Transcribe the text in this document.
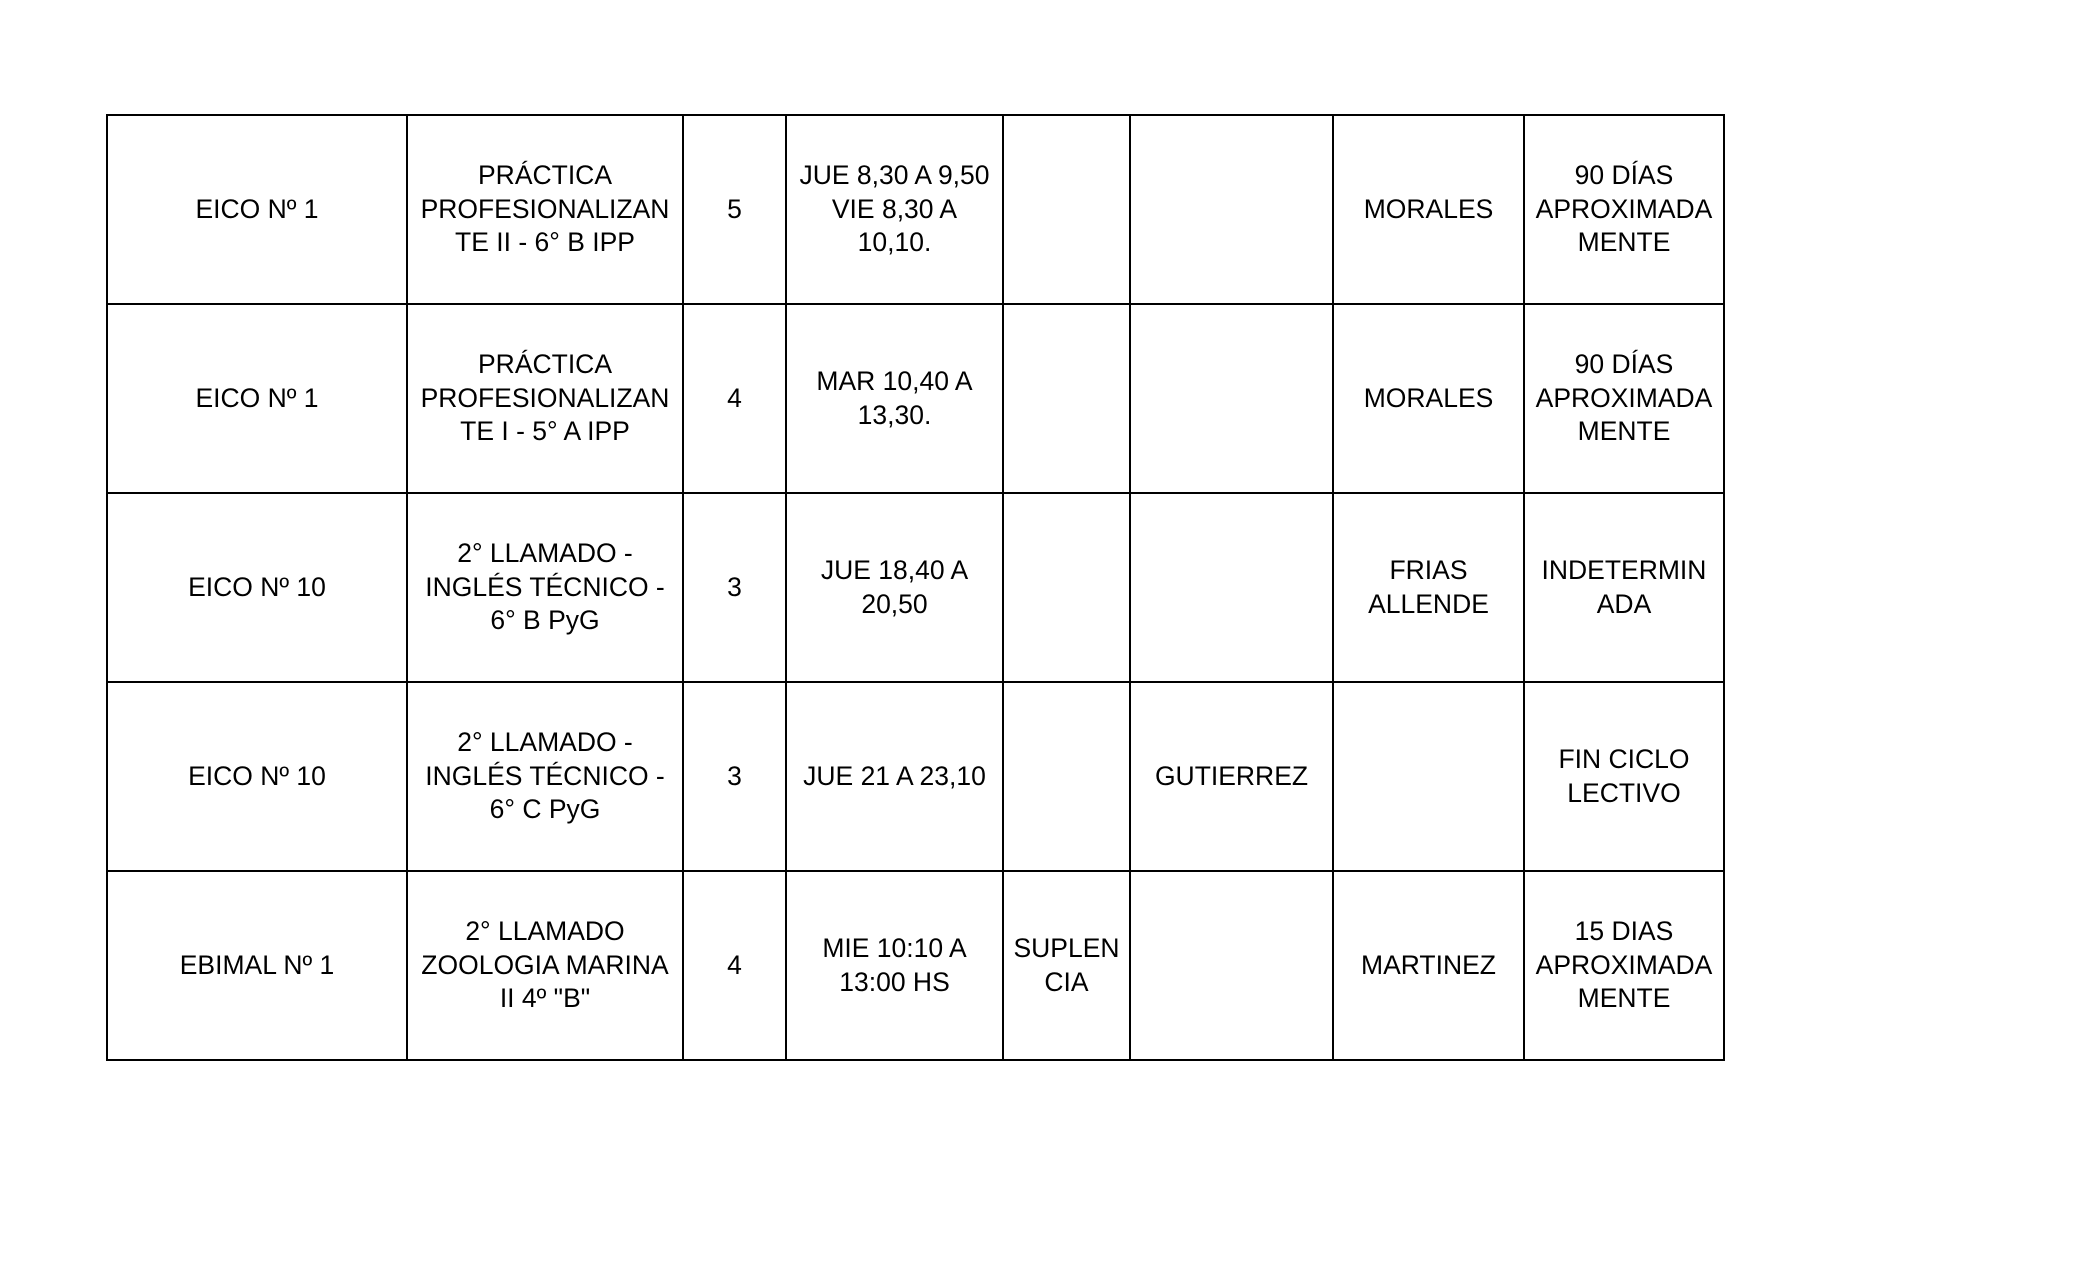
EICO Nº 1	PRÁCTICA
PROFESIONALIZAN
TE II - 6° B IPP	5	JUE 8,30 A 9,50
VIE 8,30 A
10,10.			MORALES	90 DÍAS
APROXIMADA
MENTE
EICO Nº 1	PRÁCTICA
PROFESIONALIZAN
TE I - 5° A IPP	4	MAR 10,40 A
13,30.			MORALES	90 DÍAS
APROXIMADA
MENTE
EICO Nº 10	2° LLAMADO -
INGLÉS TÉCNICO -
6° B PyG	3	JUE 18,40 A
20,50			FRIAS
ALLENDE	INDETERMIN
ADA
EICO Nº 10	2° LLAMADO -
INGLÉS TÉCNICO -
6° C PyG	3	JUE 21 A 23,10		GUTIERREZ		FIN CICLO
LECTIVO
EBIMAL Nº 1	2° LLAMADO
ZOOLOGIA MARINA
II 4º "B"	4	MIE 10:10 A
13:00 HS	SUPLEN
CIA		MARTINEZ	15 DIAS
APROXIMADA
MENTE
